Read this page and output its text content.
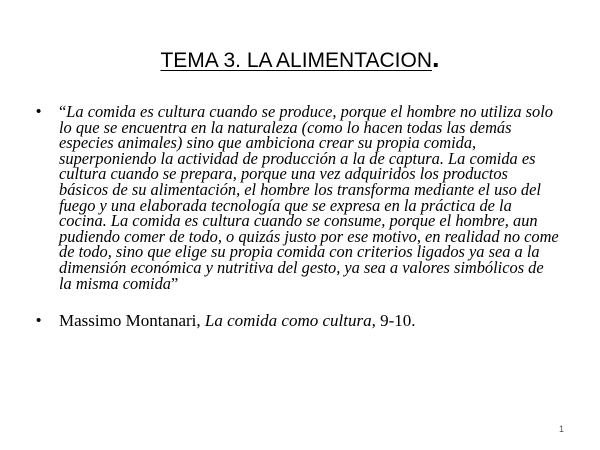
TEMA 3. LA ALIMENTACION.
• “La comida es cultura cuando se produce, porque el hombre no utiliza solo lo que se encuentra en la naturaleza (como lo hacen todas las demás especies animales) sino que ambiciona crear su propia comida, superponiendo la actividad de producción a la de captura. La comida es cultura cuando se prepara, porque una vez adquiridos los productos básicos de su alimentación, el hombre los transforma mediante el uso del fuego y una elaborada tecnología que se expresa en la práctica de la cocina. La comida es cultura cuando se consume, porque el hombre, aun pudiendo comer de todo, o quizás justo por ese motivo, en realidad no come de todo, sino que elige su propia comida con criterios ligados ya sea a la dimensión económica y nutritiva del gesto, ya sea a valores simbólicos de la misma comida”
• Massimo Montanari, La comida como cultura, 9-10.
1
